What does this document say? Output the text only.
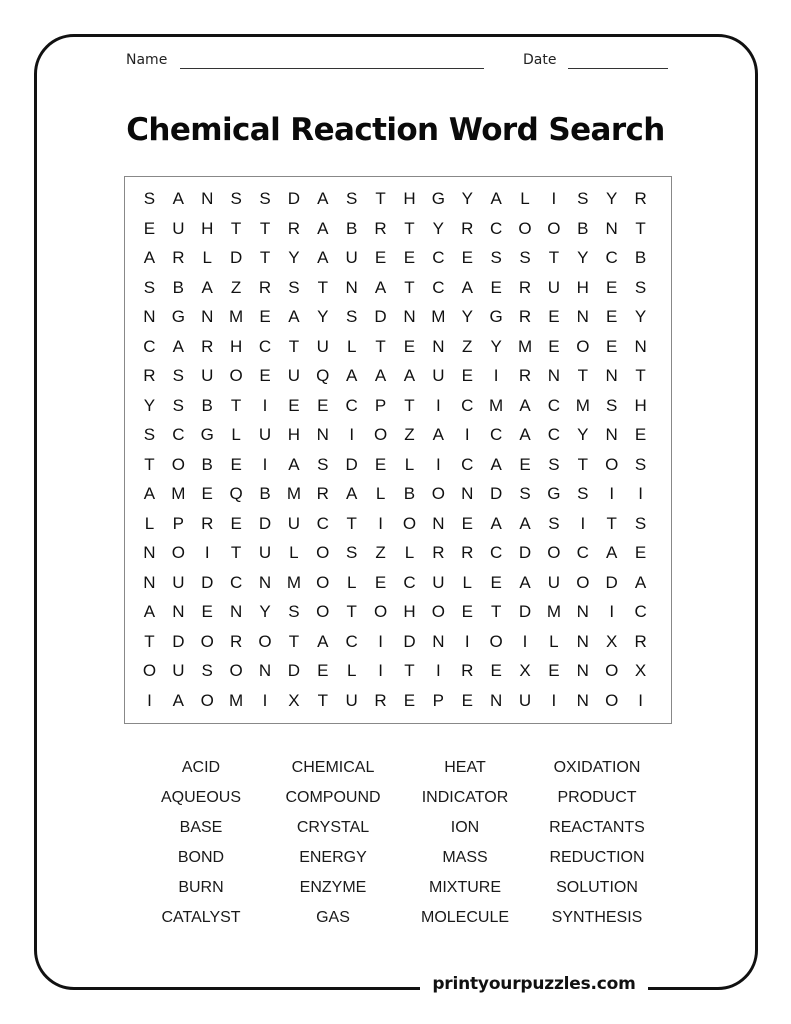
printyourpuzzles.com
Name	Date
Chemical Reaction Word Search
S	A	N	S	S	D	A	S	T	H G Y	A	L	I	S	Y	R
E	U H	T	T	R	A	B	R	T	Y	R C O O B	N	T
A	R	L	D	T	Y	A	U	E	E	C	E	S	S	T	Y	C	B
S	B	A	Z	R	S	T	N	A	T	C	A	E	R U H	E	S
N G N M E	A	Y	S	D N M Y G R	E	N	E	Y
C	A	R H C	T	U	L	T	E	N	Z	Y M E O E	N
R	S	U O E	U Q A	A	A	U	E	I	R N	T	N	T
Y	S	B	T	I	E	E	C	P	T	I	C M A	C M S	H
S	C G	L	U H N	I	O	Z	A	I	C	A	C	Y	N	E
T	O B	E	I	A	S	D	E	L	I	C	A	E	S	T	O S
A M E Q B M R	A	L	B O N D	S G S	I	I
L	P	R	E	D U C	T	I	O N	E	A	A	S	I	T	S
N O	I	T	U	L	O S	Z	L	R R C D O C	A	E
N U D C N M O	L	E	C U	L	E	A	U O D	A
A	N	E	N	Y	S O	T	O H O E	T	D M N	I	C
T	D O R O	T	A	C	I	D N	I	O	I	L	N	X	R
O U	S O N D	E	L	I	T	I	R	E	X	E	N O X
I	A O M	I	X	T	U R	E	P	E	N U	I	N O	I
ACID	CHEMICAL	HEAT	OXIDATION
AQUEOUS	COMPOUND	INDICATOR	PRODUCT
BASE	CRYSTAL	ION	REACTANTS
BOND	ENERGY	MASS	REDUCTION
BURN	ENZYME	MIXTURE	SOLUTION
CATALYST	GAS	MOLECULE	SYNTHESIS
